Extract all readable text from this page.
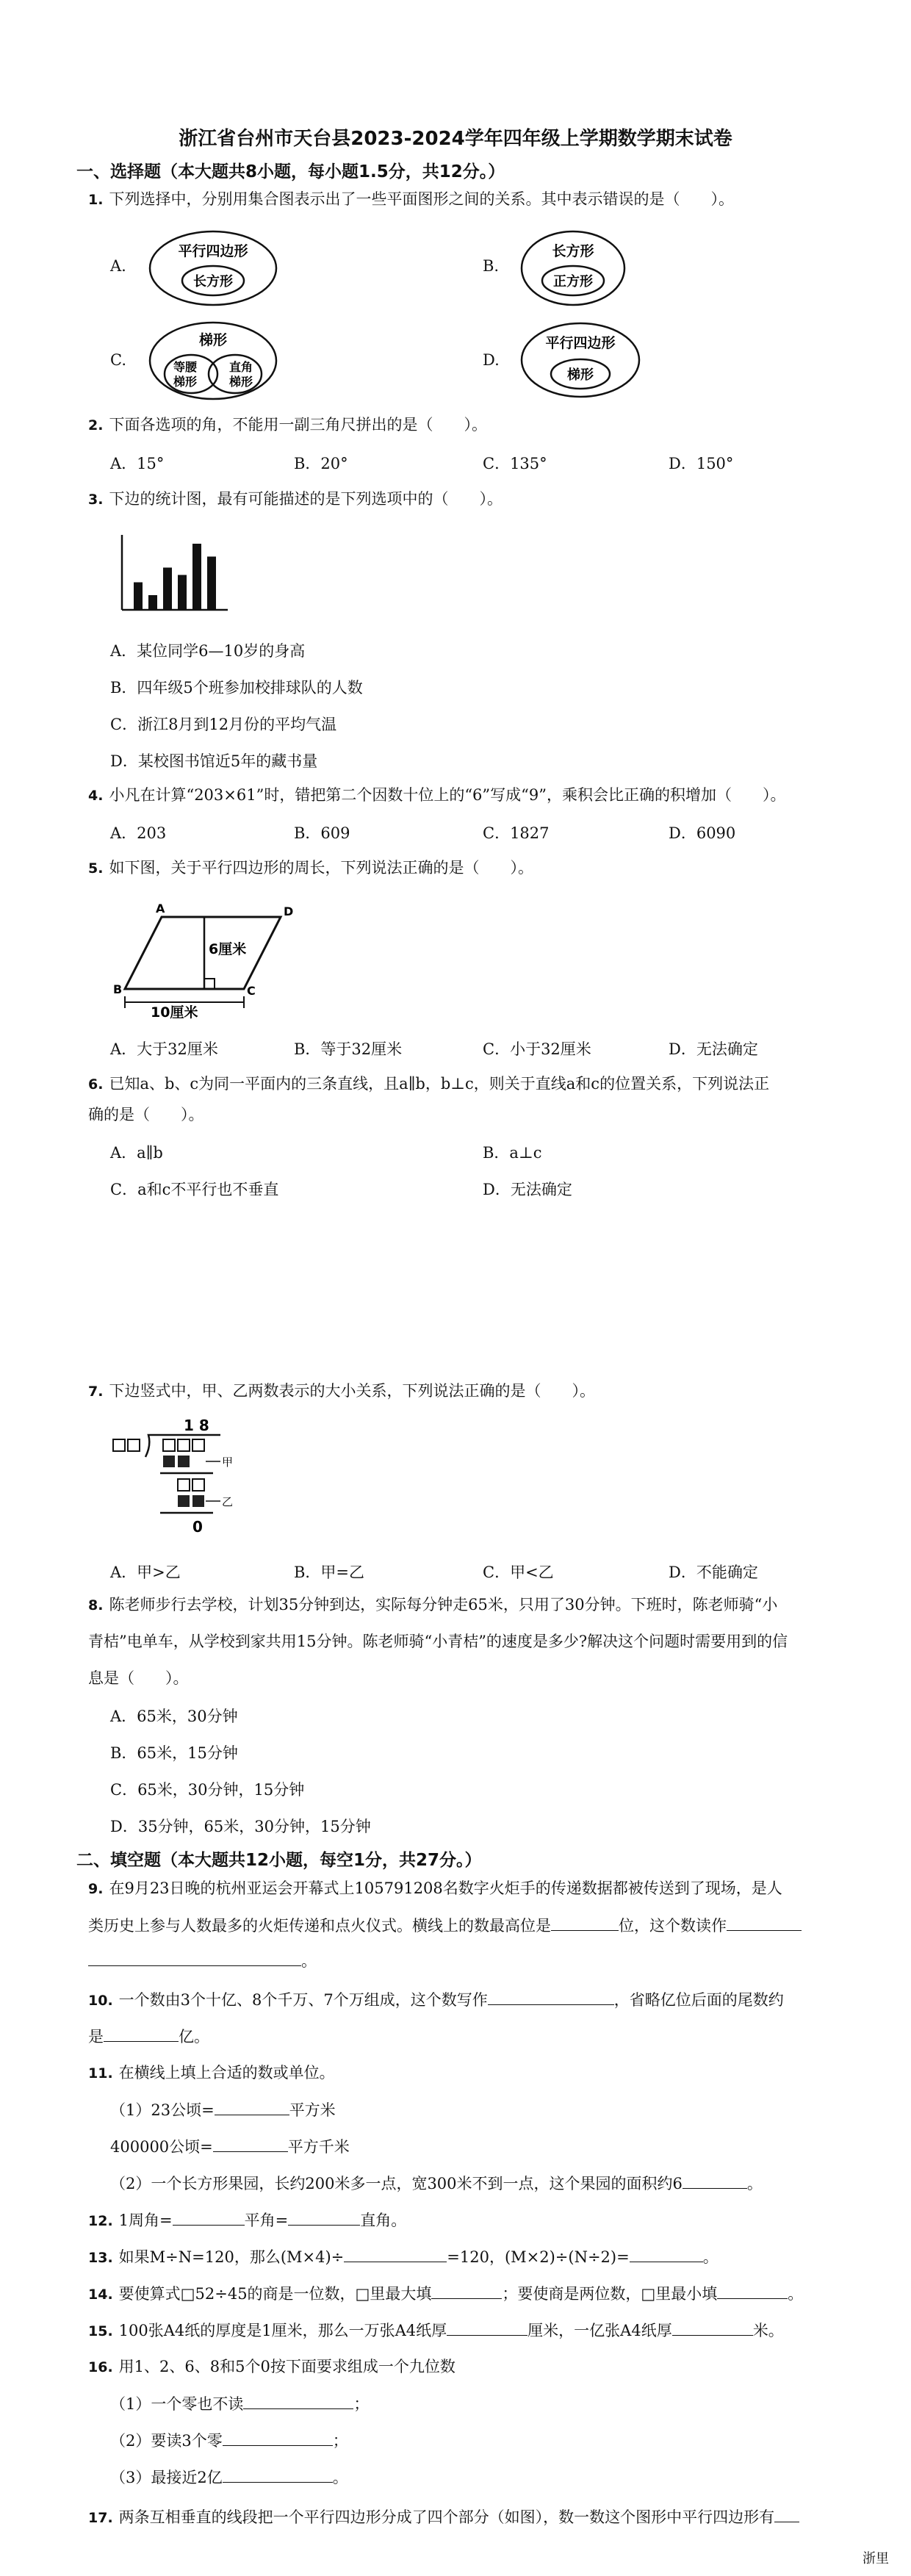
浙江省台州市天台县2023-2024学年四年级上学期数学期末试卷
一、选择题（本大题共8小题，每小题1.5分，共12分。）
1. 下列选择中，分别用集合图表示出了一些平面图形之间的关系。其中表示错误的是（　　）。
A.
平行四边形
长方形
B.
长方形
正方形
C.
梯形
等腰
梯形
直角
梯形
D.
平行四边形
梯形
2. 下面各选项的角，不能用一副三角尺拼出的是（　　）。
A．15°	B．20°	C．135°	D．150°
3. 下边的统计图，最有可能描述的是下列选项中的（　　）。
A．某位同学6—10岁的身高
B．四年级5个班参加校排球队的人数
C．浙江8月到12月份的平均气温
D．某校图书馆近5年的藏书量
4. 小凡在计算“203×61”时，错把第二个因数十位上的“6”写成“9”，乘积会比正确的积增加（　　）。
A．203	B．609	C．1827	D．6090
5. 如下图，关于平行四边形的周长，下列说法正确的是（　　）。
A	D
B	C
6厘米
10厘米
A．大于32厘米	B．等于32厘米	C．小于32厘米	D．无法确定
6. 已知a、b、c为同一平面内的三条直线，且a∥b，b⊥c，则关于直线a和c的位置关系，下列说法正
确的是（　　）。
A．a∥b	B．a⊥c
C．a和c不平行也不垂直	D．无法确定
7. 下边竖式中，甲、乙两数表示的大小关系，下列说法正确的是（　　）。
1 8
甲
乙
0
A．甲>乙	B．甲=乙	C．甲<乙	D．不能确定
8. 陈老师步行去学校，计划35分钟到达，实际每分钟走65米，只用了30分钟。下班时，陈老师骑“小
青桔”电单车，从学校到家共用15分钟。陈老师骑“小青桔”的速度是多少?解决这个问题时需要用到的信
息是（　　）。
A．65米，30分钟
B．65米，15分钟
C．65米，30分钟，15分钟
D．35分钟，65米，30分钟，15分钟
二、填空题（本大题共12小题，每空1分，共27分。）
9. 在9月23日晚的杭州亚运会开幕式上105791208名数字火炬手的传递数据都被传送到了现场，是人
类历史上参与人数最多的火炬传递和点火仪式。横线上的数最高位是	位，这个数读作
。
10. 一个数由3个十亿、8个千万、7个万组成，这个数写作	，省略亿位后面的尾数约
是	亿。
11. 在横线上填上合适的数或单位。
（1）23公顷=	平方米
400000公顷=	平方千米
（2）一个长方形果园，长约200米多一点，宽300米不到一点，这个果园的面积约6	。
12. 1周角=	平角=	直角。
13. 如果M÷N=120，那么(M×4)÷	=120，(M×2)÷(N÷2)=	。
14. 要使算式□52÷45的商是一位数，□里最大填	；要使商是两位数，□里最小填	。
15. 100张A4纸的厚度是1厘米，那么一万张A4纸厚	厘米，一亿张A4纸厚	米。
16. 用1、2、6、8和5个0按下面要求组成一个九位数
（1）一个零也不读	；
（2）要读3个零	；
（3）最接近2亿	。
17. 两条互相垂直的线段把一个平行四边形分成了四个部分（如图），数一数这个图形中平行四边形有
浙里
